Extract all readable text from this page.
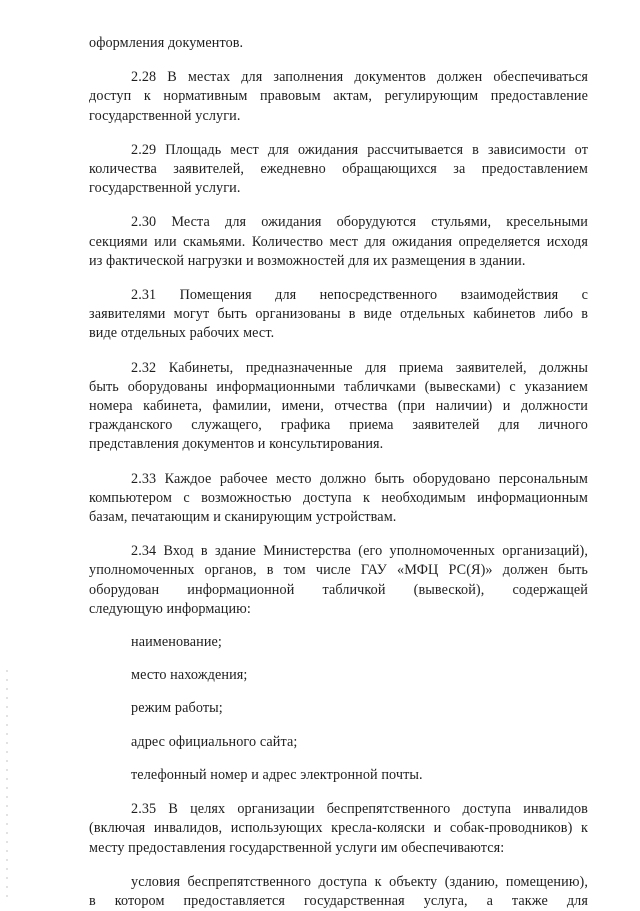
оформления документов.
2.28 В местах для заполнения документов должен обеспечиваться
доступ к нормативным правовым актам, регулирующим предоставление
государственной услуги.
2.29 Площадь мест для ожидания рассчитывается в зависимости от
количества заявителей, ежедневно обращающихся за предоставлением
государственной услуги.
2.30 Места для ожидания оборудуются стульями, кресельными
секциями или скамьями. Количество мест для ожидания определяется исходя
из фактической нагрузки и возможностей для их размещения в здании.
2.31 Помещения для непосредственного взаимодействия с
заявителями могут быть организованы в виде отдельных кабинетов либо в
виде отдельных рабочих мест.
2.32 Кабинеты, предназначенные для приема заявителей, должны
быть оборудованы информационными табличками (вывесками) с указанием
номера кабинета, фамилии, имени, отчества (при наличии) и должности
гражданского служащего, графика приема заявителей для личного
представления документов и консультирования.
2.33 Каждое рабочее место должно быть оборудовано персональным
компьютером с возможностью доступа к необходимым информационным
базам, печатающим и сканирующим устройствам.
2.34 Вход в здание Министерства (его уполномоченных организаций),
уполномоченных органов, в том числе ГАУ «МФЦ РС(Я)» должен быть
оборудован информационной табличкой (вывеской), содержащей
следующую информацию:

наименование;

место нахождения;

режим работы;

адрес официального сайта;

телефонный номер и адрес электронной почты.

2.35 В целях организации беспрепятственного доступа инвалидов
(включая инвалидов, использующих кресла-коляски и собак-проводников) к
месту предоставления государственной услуги им обеспечиваются:
условия беспрепятственного доступа к объекту (зданию, помещению),
в котором предоставляется государственная услуга, а также для
